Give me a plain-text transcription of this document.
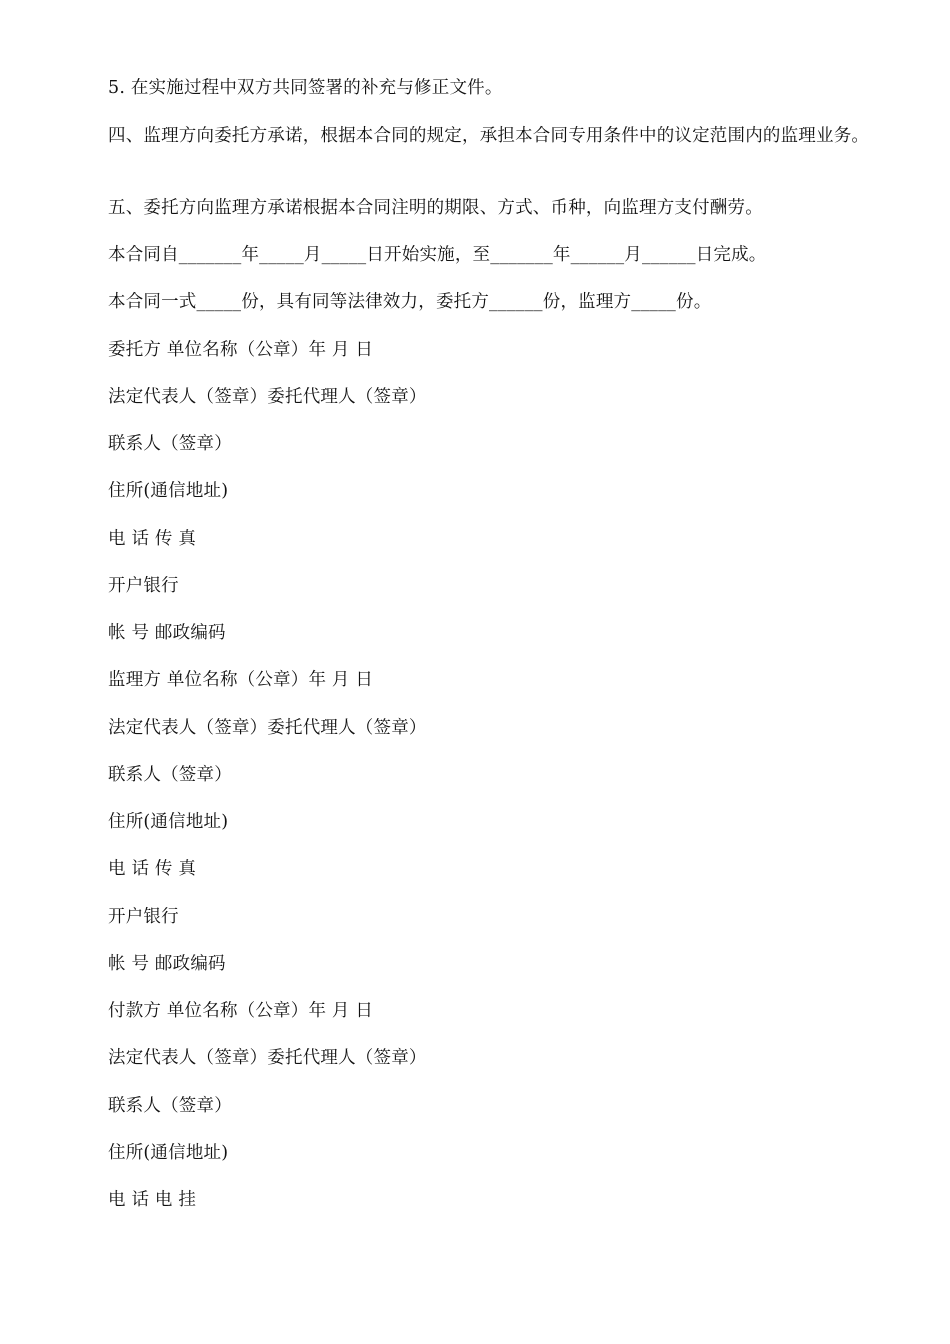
5. 在实施过程中双方共同签署的补充与修正文件。

四、监理方向委托方承诺，根据本合同的规定，承担本合同专用条件中的议定范围内的监理业务。

五、委托方向监理方承诺根据本合同注明的期限、方式、币种，向监理方支付酬劳。

本合同自_______年_____月_____日开始实施，至_______年______月______日完成。

本合同一式_____份，具有同等法律效力，委托方______份，监理方_____份。

委托方 单位名称（公章）年 月 日

法定代表人（签章）委托代理人（签章）

联系人（签章）

住所(通信地址)

电 话 传 真

开户银行

帐 号 邮政编码

监理方 单位名称（公章）年 月 日

法定代表人（签章）委托代理人（签章）

联系人（签章）

住所(通信地址)

电 话 传 真

开户银行

帐 号 邮政编码

付款方 单位名称（公章）年 月 日

法定代表人（签章）委托代理人（签章）

联系人（签章）

住所(通信地址)

电 话 电 挂
